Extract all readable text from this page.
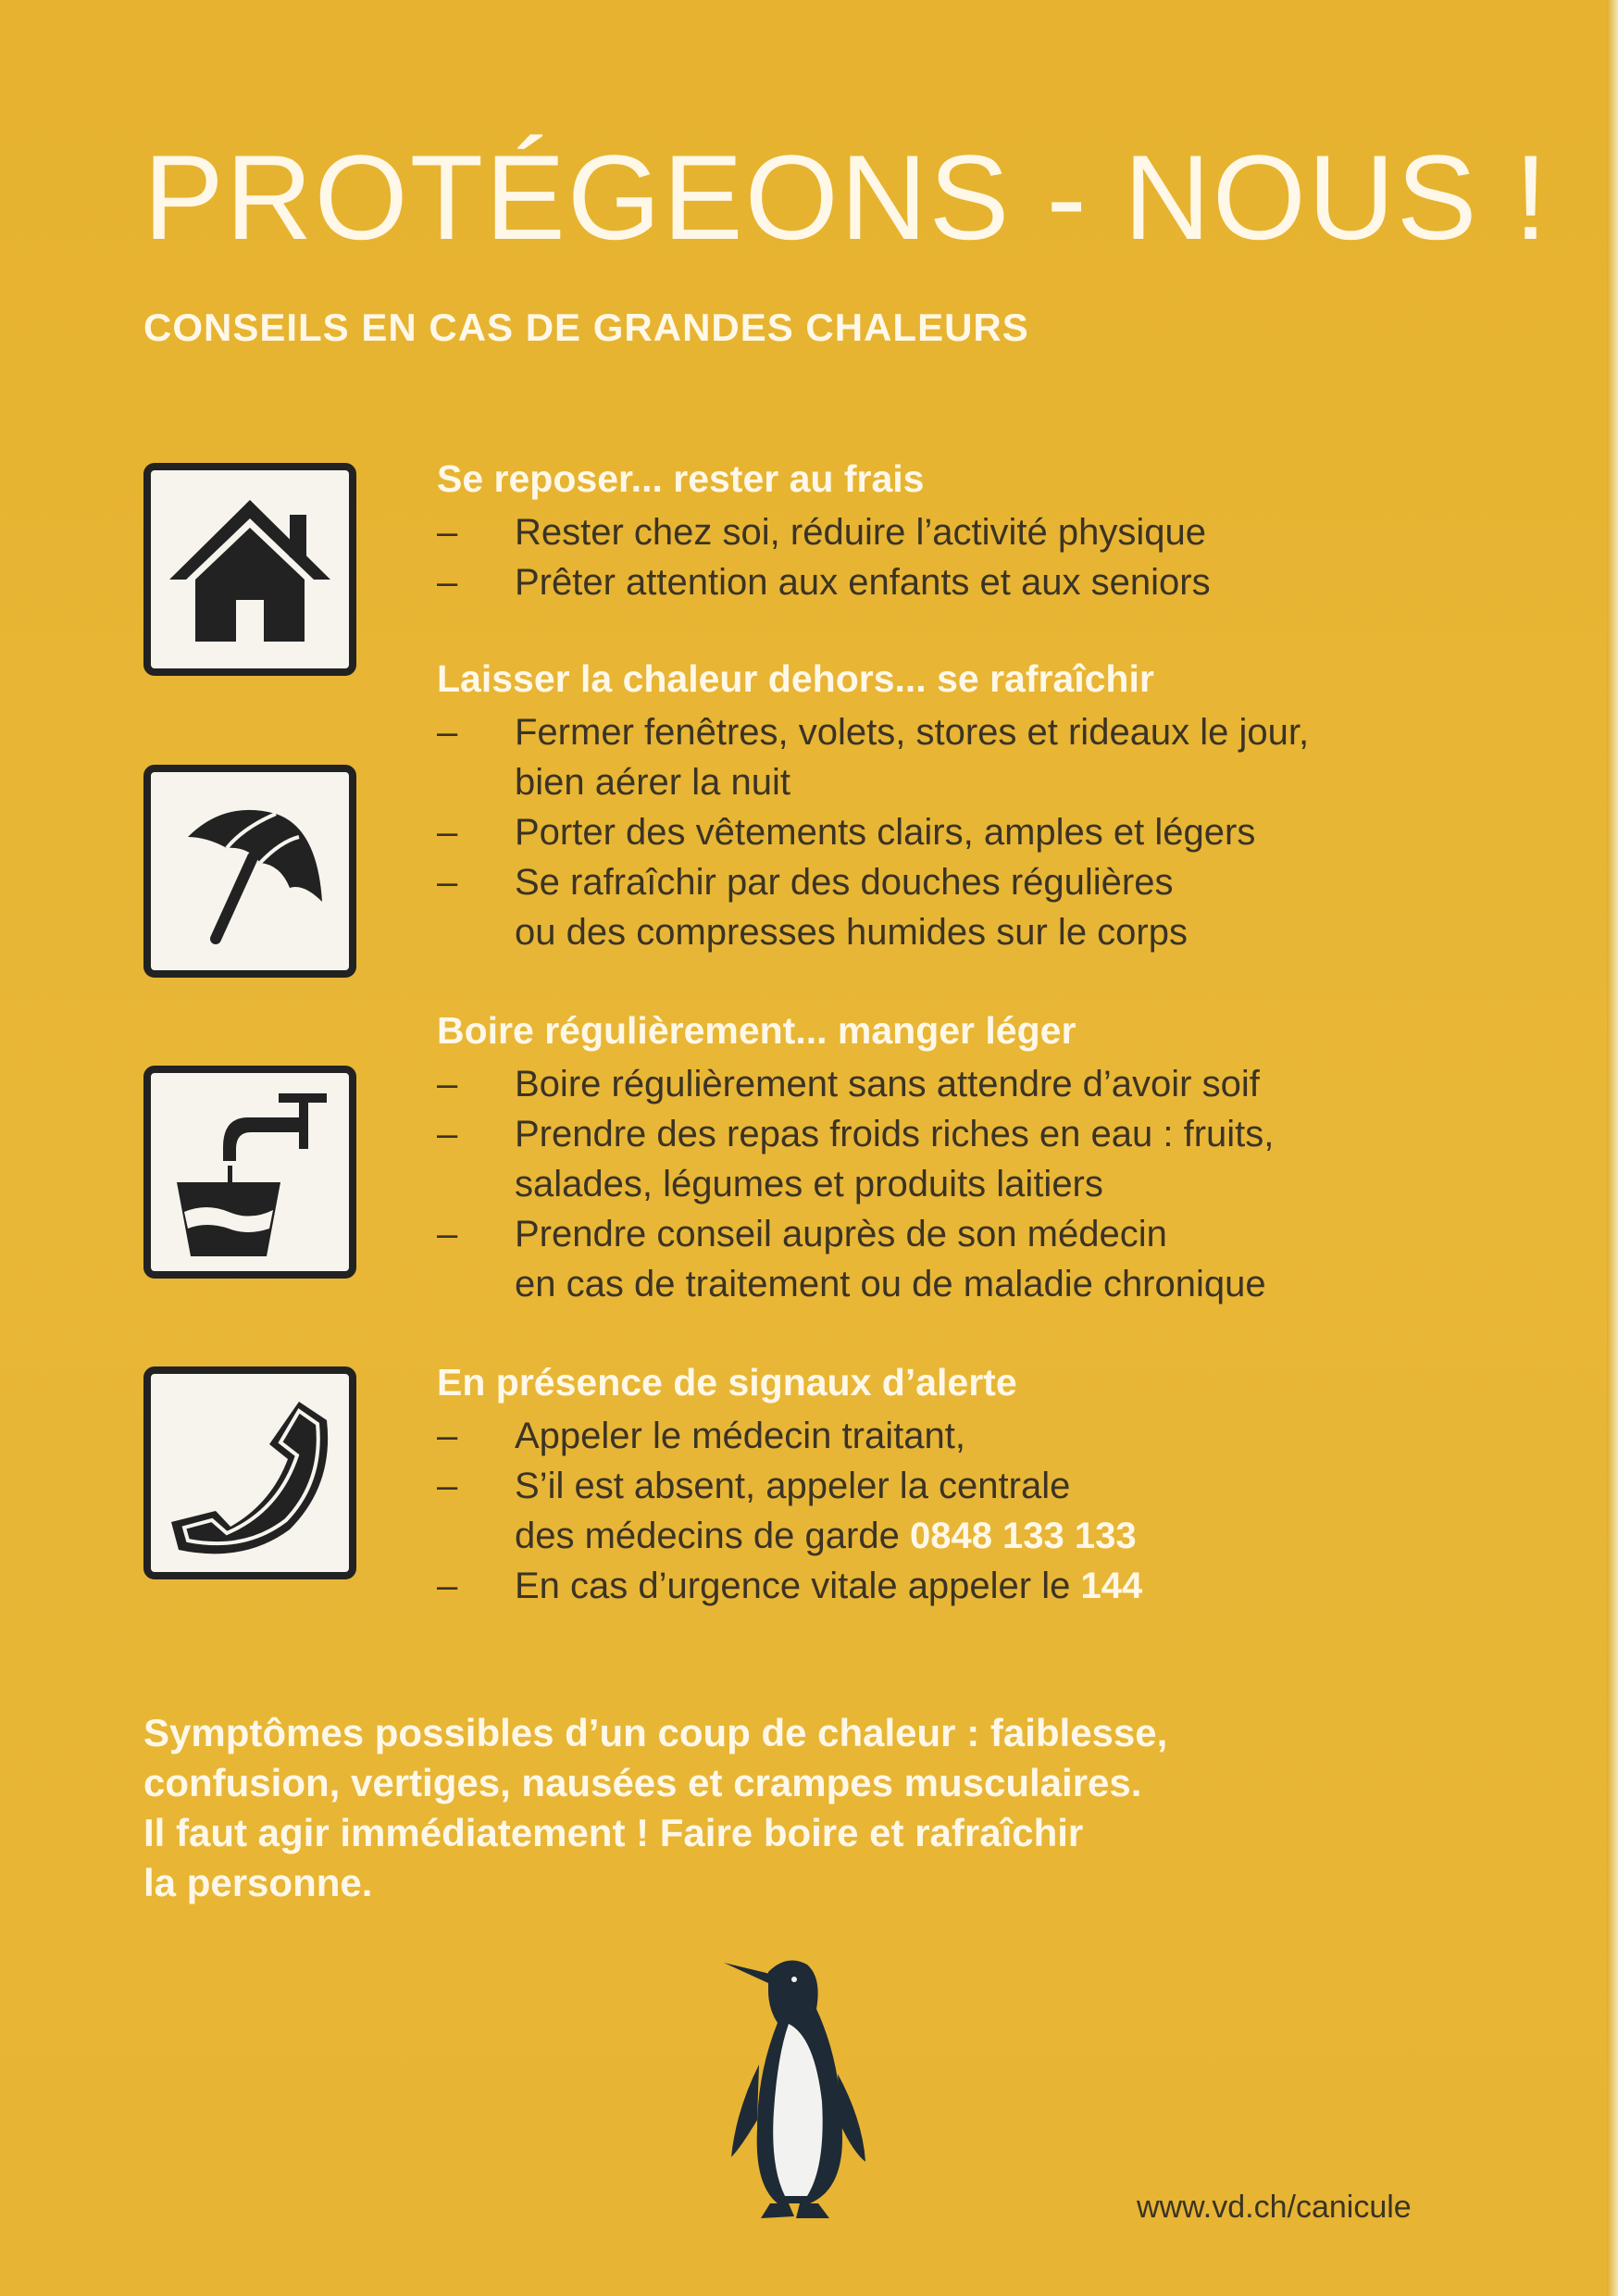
PROTÉGEONS - NOUS !
CONSEILS EN CAS DE GRANDES CHALEURS
Se reposer... rester au frais
– Rester chez soi, réduire l’activité physique
– Prêter attention aux enfants et aux seniors
Laisser la chaleur dehors... se rafraîchir
– Fermer fenêtres, volets, stores et rideaux le jour,
bien aérer la nuit
– Porter des vêtements clairs, amples et légers
– Se rafraîchir par des douches régulières
ou des compresses humides sur le corps
Boire régulièrement... manger léger
– Boire régulièrement sans attendre d’avoir soif
– Prendre des repas froids riches en eau : fruits,
salades, légumes et produits laitiers
– Prendre conseil auprès de son médecin
en cas de traitement ou de maladie chronique
En présence de signaux d’alerte
– Appeler le médecin traitant,
– S’il est absent, appeler la centrale
des médecins de garde 0848 133 133
– En cas d’urgence vitale appeler le 144
Symptômes possibles d’un coup de chaleur : faiblesse,
confusion, vertiges, nausées et crampes musculaires.
Il faut agir immédiatement ! Faire boire et rafraîchir
la personne.
www.vd.ch/canicule
